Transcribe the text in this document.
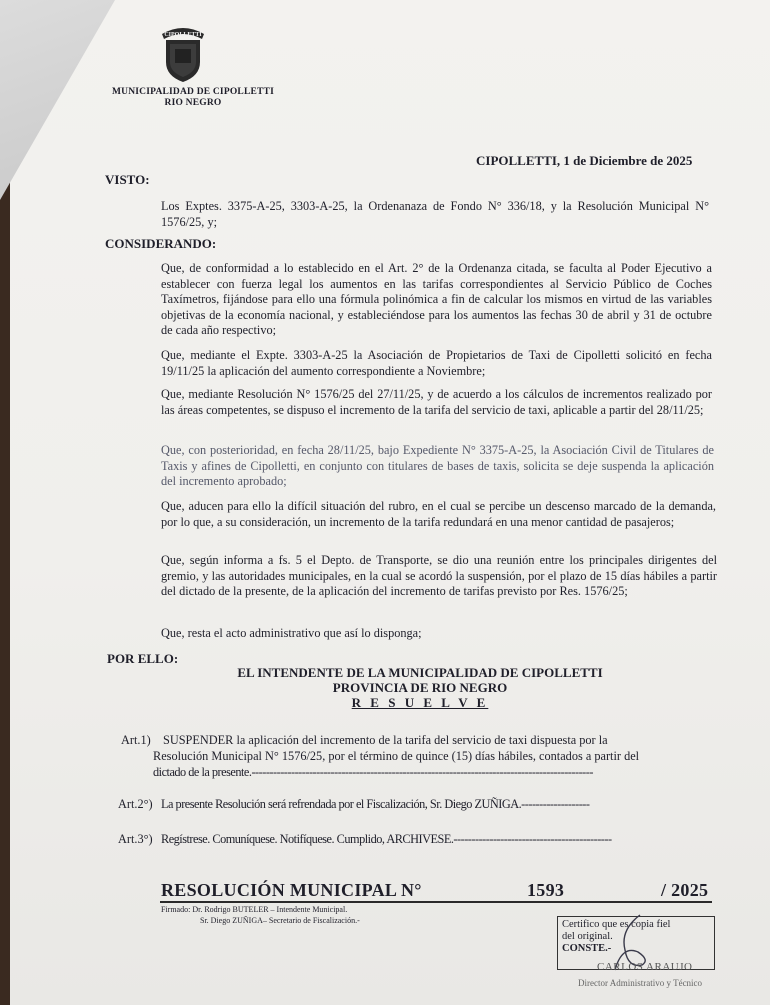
CIPOLLETTI
MUNICIPALIDAD DE CIPOLLETTI
RIO NEGRO
CIPOLLETTI, 1 de Diciembre de 2025
VISTO:
Los Exptes. 3375-A-25, 3303-A-25, la Ordenanaza de Fondo N° 336/18, y la Resolución Municipal N° 1576/25, y;
CONSIDERANDO:
Que, de conformidad a lo establecido en el Art. 2° de la Ordenanza citada, se faculta al Poder Ejecutivo a establecer con fuerza legal los aumentos en las tarifas correspondientes al Servicio Público de Coches Taxímetros, fijándose para ello una fórmula polinómica a fin de calcular los mismos en virtud de las variables objetivas de la economía nacional, y estableciéndose para los aumentos las fechas 30 de abril y 31 de octubre de cada año respectivo;
Que, mediante el Expte. 3303-A-25 la Asociación de Propietarios de Taxi de Cipolletti solicitó en fecha 19/11/25 la aplicación del aumento correspondiente a Noviembre;
Que, mediante Resolución N° 1576/25 del 27/11/25, y de acuerdo a los cálculos de incrementos realizado por las áreas competentes, se dispuso el incremento de la tarifa del servicio de taxi, aplicable a partir del 28/11/25;
Que, con posterioridad, en fecha 28/11/25, bajo Expediente N° 3375-A-25, la Asociación Civil de Titulares de Taxis y afines de Cipolletti, en conjunto con titulares de bases de taxis, solicita se deje suspenda la aplicación del incremento aprobado;
Que, aducen para ello la difícil situación del rubro, en el cual se percibe un descenso marcado de la demanda, por lo que, a su consideración, un incremento de la tarifa redundará en una menor cantidad de pasajeros;
Que, según informa a fs. 5 el Depto. de Transporte, se dio una reunión entre los principales dirigentes del gremio, y las autoridades municipales, en la cual se acordó la suspensión, por el plazo de 15 días hábiles a partir del dictado de la presente, de la aplicación del incremento de tarifas previsto por Res. 1576/25;
Que, resta el acto administrativo que así lo disponga;
POR ELLO:
EL INTENDENTE DE LA MUNICIPALIDAD DE CIPOLLETTI
PROVINCIA DE RIO NEGRO
R E S U E L V E
Art.1) SUSPENDER la aplicación del incremento de la tarifa del servicio de taxi dispuesta por la
Resolución Municipal N° 1576/25, por el término de quince (15) días hábiles, contados a partir del
dictado de la presente.-----------------------------------------------------------------------------------------------
Art.2°) La presente Resolución será refrendada por el Fiscalización, Sr. Diego ZUÑIGA.-------------------
Art.3°) Regístrese. Comuníquese. Notifíquese. Cumplido, ARCHIVESE.--------------------------------------------
RESOLUCIÓN MUNICIPAL N°	1593	/ 2025
Firmado: Dr. Rodrigo BUTELER – Intendente Municipal.
Sr. Diego ZUÑIGA– Secretario de Fiscalización.-	Certifico que es copia fiel
del original.
CONSTE.-
CARLOS ARAUJO
Director Administrativo y Técnico
